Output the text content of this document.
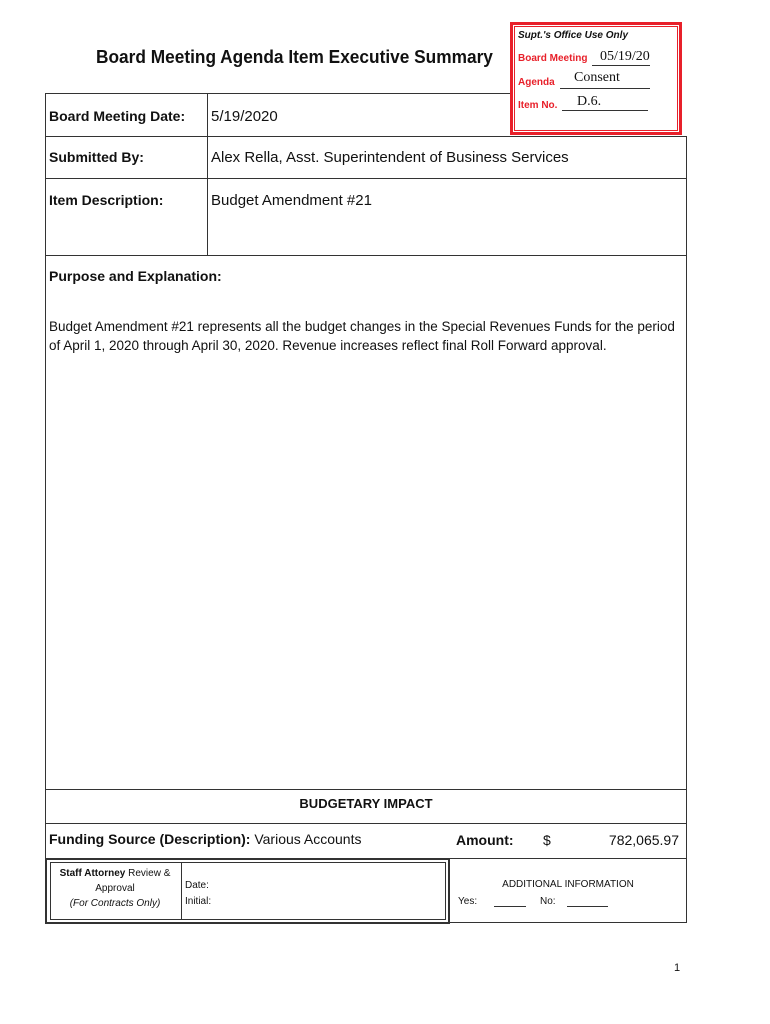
Board Meeting Agenda Item Executive Summary
Supt.'s Office Use Only
Board Meeting 05/19/20
Agenda Consent
Item No. D.6.
Board Meeting Date: 5/19/2020
Submitted By:	Alex Rella, Asst. Superintendent of Business Services
Item Description:	Budget Amendment #21
Purpose and Explanation:
Budget Amendment #21 represents all the budget changes in the Special Revenues Funds for the period of April 1, 2020 through April 30, 2020. Revenue increases reflect final Roll Forward approval.
BUDGETARY IMPACT
Funding Source (Description): Various Accounts	Amount: $	782,065.97
Staff Attorney Review &
Approval
(For Contracts Only)
Date:
Initial:
ADDITIONAL INFORMATION
Yes:	No:
1
